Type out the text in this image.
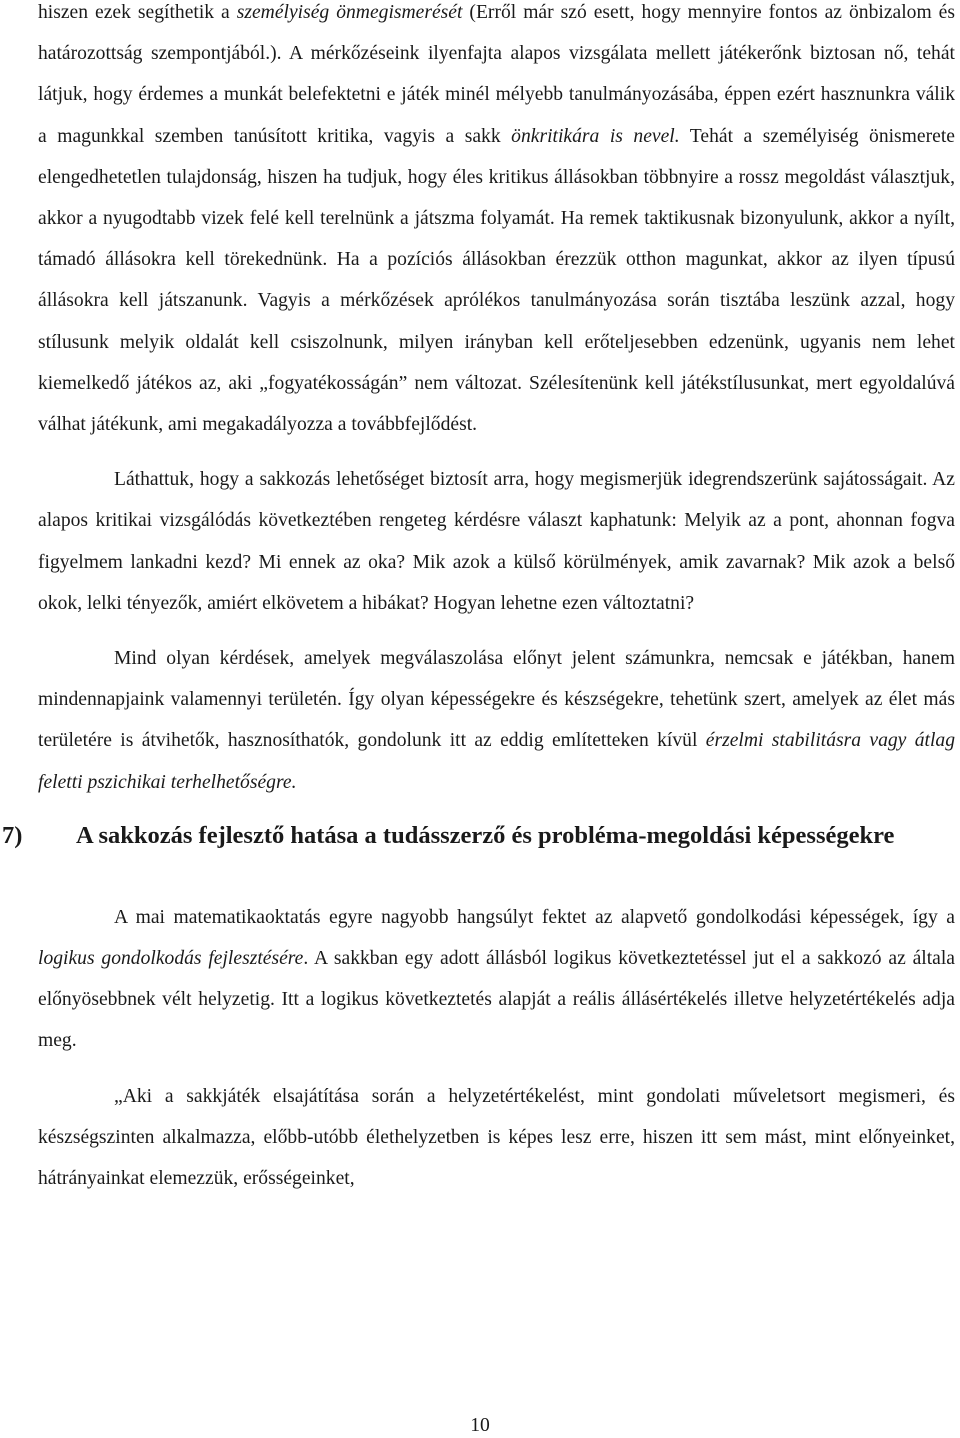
hiszen ezek segíthetik a személyiség önmegismerését (Erről már szó esett, hogy mennyire fontos az önbizalom és határozottság szempontjából.). A mérkőzéseink ilyenfajta alapos vizsgálata mellett játékerőnk biztosan nő, tehát látjuk, hogy érdemes a munkát belefektetni e játék minél mélyebb tanulmányozásába, éppen ezért hasznunkra válik a magunkkal szemben tanúsított kritika, vagyis a sakk önkritikára is nevel. Tehát a személyiség önismerete elengedhetetlen tulajdonság, hiszen ha tudjuk, hogy éles kritikus állásokban többnyire a rossz megoldást választjuk, akkor a nyugodtabb vizek felé kell terelnünk a játszma folyamát. Ha remek taktikusnak bizonyulunk, akkor a nyílt, támadó állásokra kell törekednünk. Ha a pozíciós állásokban érezzük otthon magunkat, akkor az ilyen típusú állásokra kell játszanunk. Vagyis a mérkőzések aprólékos tanulmányozása során tisztába leszünk azzal, hogy stílusunk melyik oldalát kell csiszolnunk, milyen irányban kell erőteljesebben edzenünk, ugyanis nem lehet kiemelkedő játékos az, aki „fogyatékosságán” nem változat. Szélesítenünk kell játékstílusunkat, mert egyoldalúvá válhat játékunk, ami megakadályozza a továbbfejlődést.

Láthattuk, hogy a sakkozás lehetőséget biztosít arra, hogy megismerjük idegrendszerünk sajátosságait. Az alapos kritikai vizsgálódás következtében rengeteg kérdésre választ kaphatunk: Melyik az a pont, ahonnan fogva figyelmem lankadni kezd? Mi ennek az oka? Mik azok a külső körülmények, amik zavarnak? Mik azok a belső okok, lelki tényezők, amiért elkövetem a hibákat? Hogyan lehetne ezen változtatni?

Mind olyan kérdések, amelyek megválaszolása előnyt jelent számunkra, nemcsak e játékban, hanem mindennapjaink valamennyi területén. Így olyan képességekre és készségekre, tehetünk szert, amelyek az élet más területére is átvihetők, hasznosíthatók, gondolunk itt az eddig említetteken kívül érzelmi stabilitásra vagy átlag feletti pszichikai terhelhetőségre.

7)	A sakkozás fejlesztő hatása a tudásszerző és probléma-megoldási képességekre

A mai matematikaoktatás egyre nagyobb hangsúlyt fektet az alapvető gondolkodási képességek, így a logikus gondolkodás fejlesztésére. A sakkban egy adott állásból logikus következtetéssel jut el a sakkozó az általa előnyösebbnek vélt helyzetig. Itt a logikus következtetés alapját a reális állásértékelés illetve helyzetértékelés adja meg.

„Aki a sakkjáték elsajátítása során a helyzetértékelést, mint gondolati műveletsort megismeri, és készségszinten alkalmazza, előbb-utóbb élethelyzetben is képes lesz erre, hiszen itt sem mást, mint előnyeinket, hátrányainkat elemezzük, erősségeinket,

10
